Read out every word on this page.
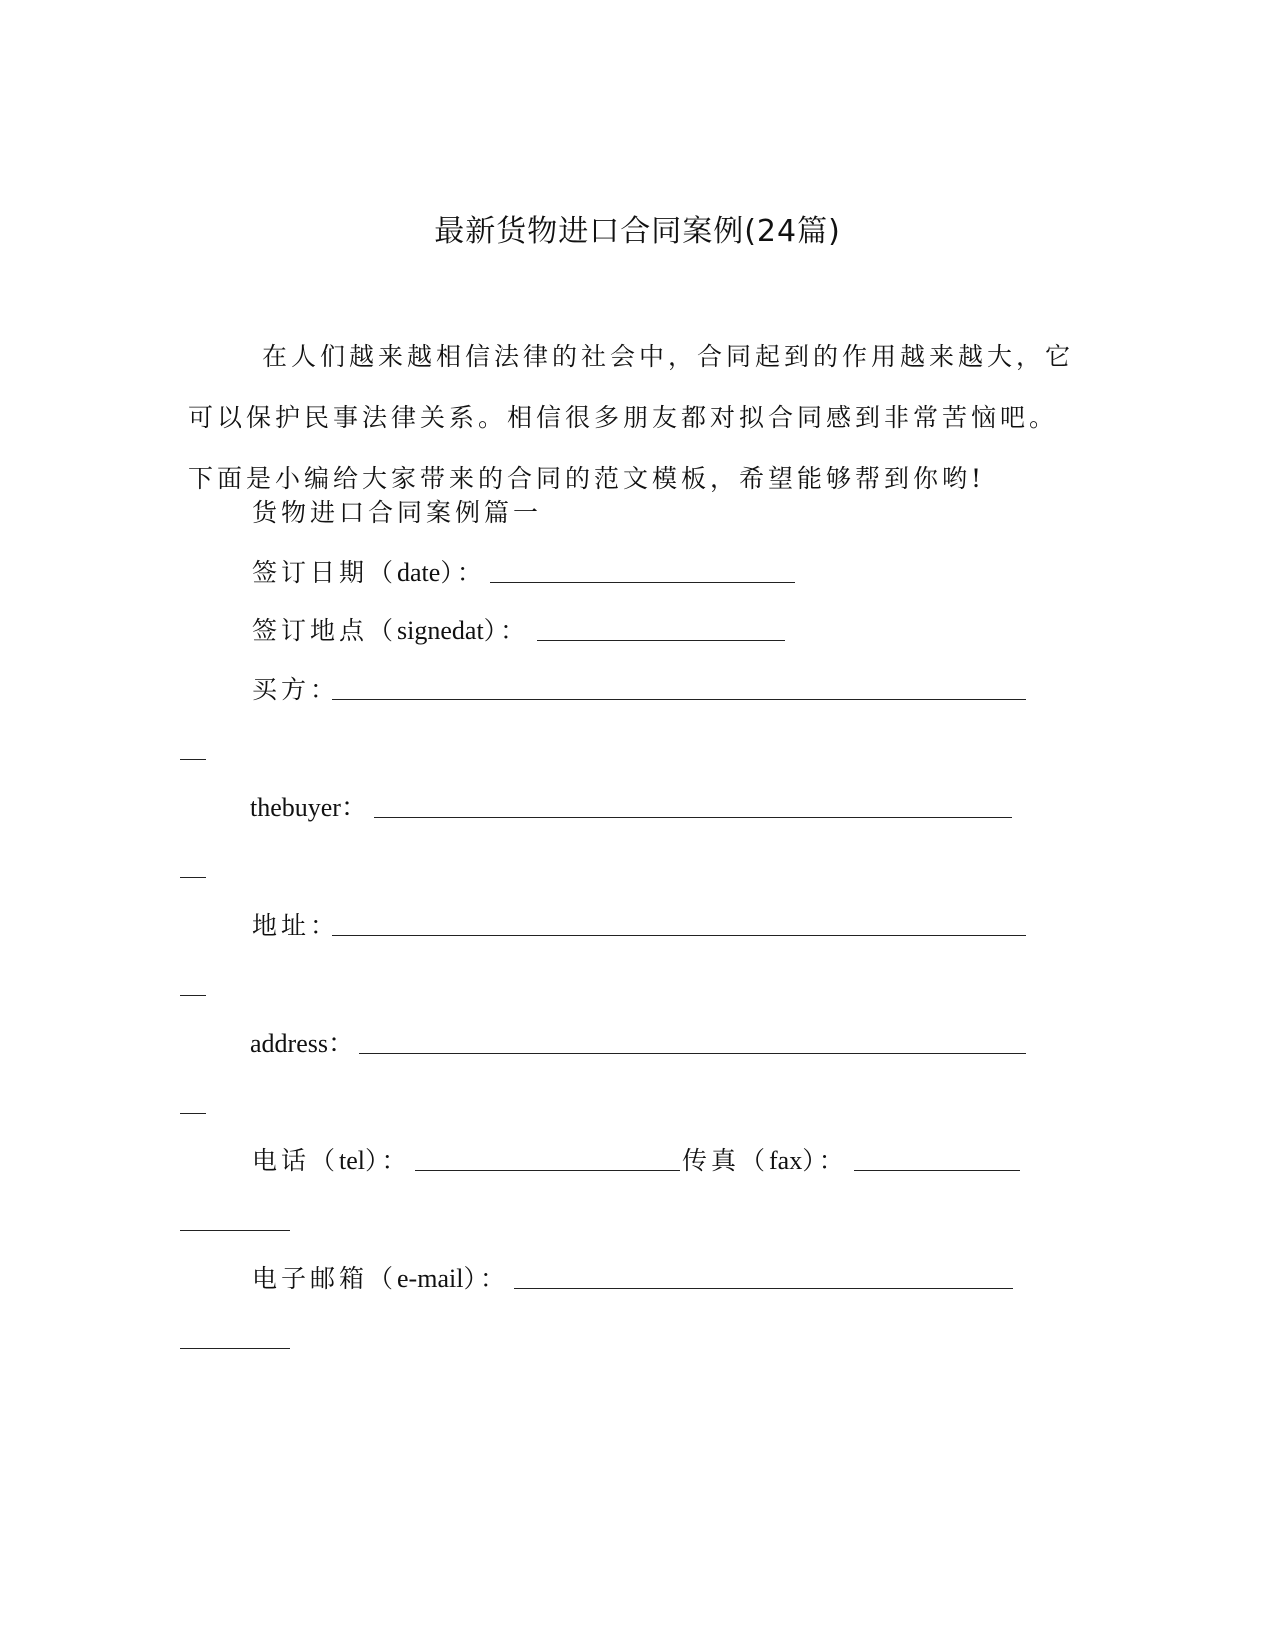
最新货物进口合同案例(24篇)
在人们越来越相信法律的社会中，合同起到的作用越来越大，它
可以保护民事法律关系。相信很多朋友都对拟合同感到非常苦恼吧。
下面是小编给大家带来的合同的范文模板，希望能够帮到你哟!
货物进口合同案例篇一
签订日期（date）：
签订地点（signedat）：
买方：
thebuyer：
地址：
address：
电话（tel）：	传真（fax）：
电子邮箱（e-mail）：
